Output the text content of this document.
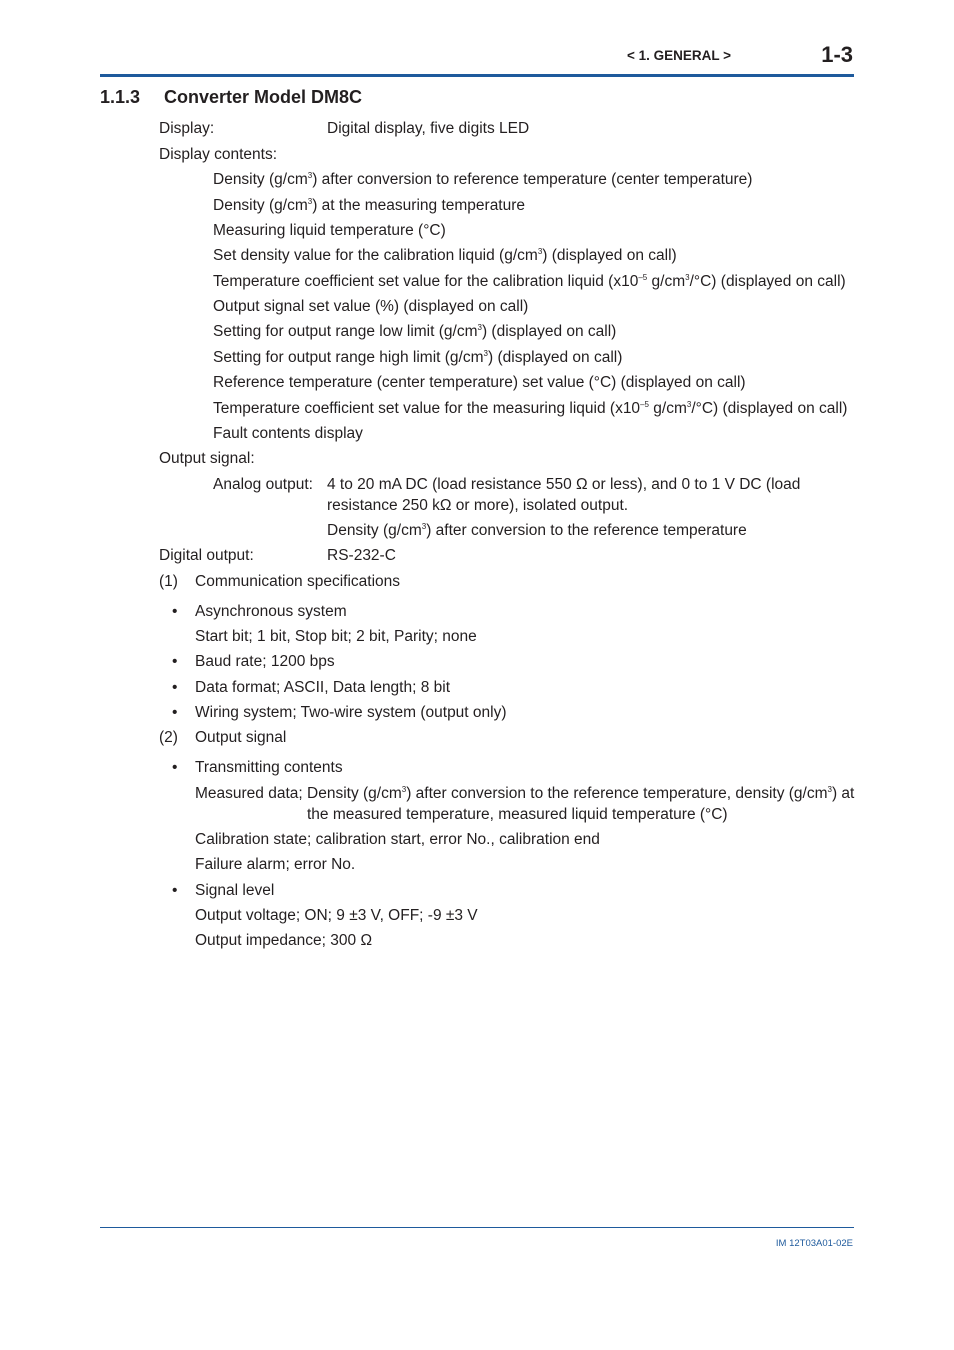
< 1. GENERAL >	1-3
1.1.3 Converter Model DM8C
Display:	Digital display, five digits LED
Display contents:
Density $(g/cm^3)$ after conversion to reference temperature (center temperature)
Density $(g/cm^3)$ at the measuring temperature
Measuring liquid temperature (°C)
Set density value for the calibration liquid $(g/cm^3)$ (displayed on call)
Temperature coefficient set value for the calibration liquid ($x10^{-5}$ $g/cm^3/^\circ C$) (displayed on call)
Output signal set value (%) (displayed on call)
Setting for output range low limit $(g/cm^3)$ (displayed on call)
Setting for output range high limit $(g/cm^3)$ (displayed on call)
Reference temperature (center temperature) set value (°C) (displayed on call)
Temperature coefficient set value for the measuring liquid ($x10^{-5}$ $g/cm^3/^\circ C$) (displayed on call)
Fault contents display
Output signal:
Analog output: 4 to 20 mA DC (load resistance 550 Ω or less), and 0 to 1 V DC (load
resistance 250 kΩ or more), isolated output.
Density $(g/cm^3)$ after conversion to the reference temperature
Digital output:	RS-232-C
(1) Communication specifications
• Asynchronous system
Start bit; 1 bit, Stop bit; 2 bit, Parity; none
• Baud rate; 1200 bps
• Data format; ASCII, Data length; 8 bit
• Wiring system; Two-wire system (output only)
(2) Output signal
• Transmitting contents
Measured data; Density $(g/cm^3)$ after conversion to the reference temperature, density $(g/cm^3)$ at
the measured temperature, measured liquid temperature (°C)
Calibration state; calibration start, error No., calibration end
Failure alarm; error No.
• Signal level
Output voltage; ON; 9 ±3 V, OFF; -9 ±3 V
Output impedance; 300 Ω
IM 12T03A01-02E
